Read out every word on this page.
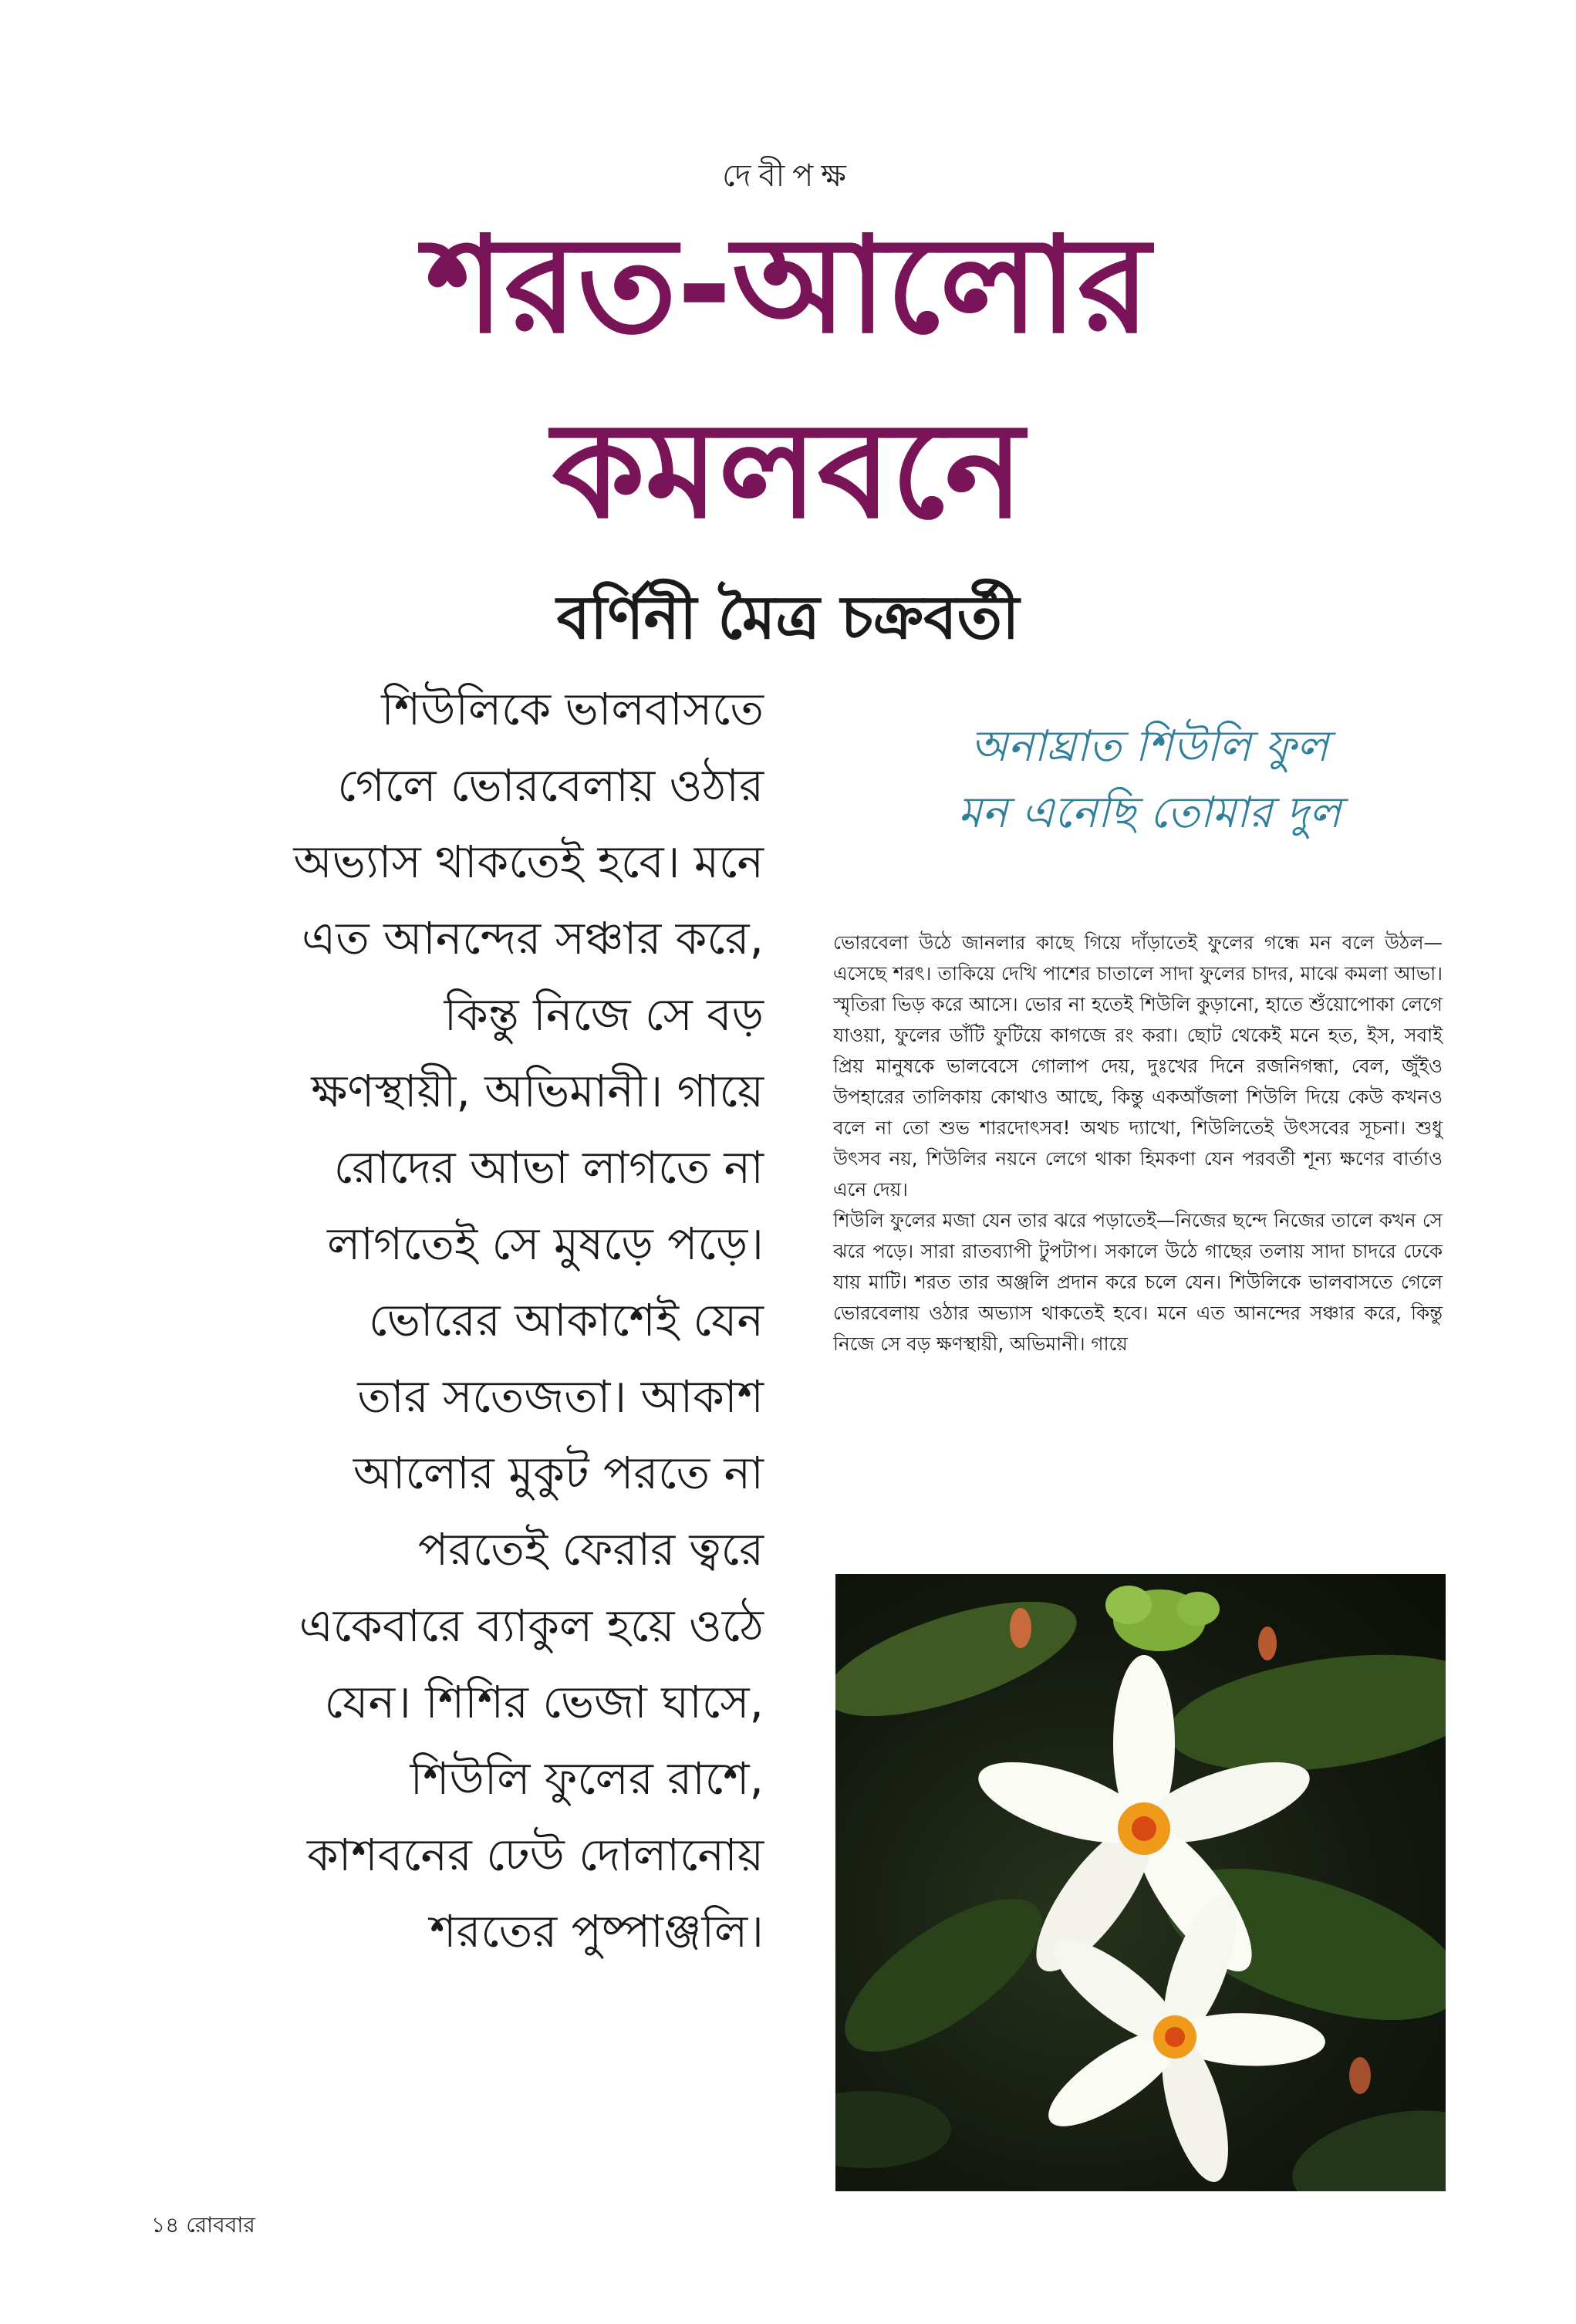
দেবীপক্ষ
শরত-আলোর
কমলবনে
বর্ণিনী মৈত্র চক্রবর্তী
শিউলিকে ভালবাসতে
গেলে ভোরবেলায় ওঠার
অভ্যাস থাকতেই হবে। মনে
এত আনন্দের সঞ্চার করে,
কিন্তু নিজে সে বড়
ক্ষণস্থায়ী, অভিমানী। গায়ে
রোদের আভা লাগতে না
লাগতেই সে মুষড়ে পড়ে।
ভোরের আকাশেই যেন
তার সতেজতা। আকাশ
আলোর মুকুট পরতে না
পরতেই ফেরার ত্বরে
একেবারে ব্যাকুল হয়ে ওঠে
যেন। শিশির ভেজা ঘাসে,
শিউলি ফুলের রাশে,
কাশবনের ঢেউ দোলানোয়
শরতের পুষ্পাঞ্জলি।
অনাঘ্রাত শিউলি ফুল
মন এনেছি তোমার দুল

ভোরবেলা উঠে জানলার কাছে গিয়ে দাঁড়াতেই ফুলের গন্ধে মন বলে উঠল—এসেছে শরৎ। তাকিয়ে দেখি পাশের চাতালে সাদা ফুলের চাদর, মাঝে কমলা আভা। স্মৃতিরা ভিড় করে আসে। ভোর না হতেই শিউলি কুড়ানো, হাতে শুঁয়োপোকা লেগে যাওয়া, ফুলের ডাঁটি ফুটিয়ে কাগজে রং করা। ছোট থেকেই মনে হত, ইস, সবাই প্রিয় মানুষকে ভালবেসে গোলাপ দেয়, দুঃখের দিনে রজনিগন্ধা, বেল, জুঁইও উপহারের তালিকায় কোথাও আছে, কিন্তু একআঁজলা শিউলি দিয়ে কেউ কখনও বলে না তো শুভ শারদোৎসব! অথচ দ্যাখো, শিউলিতেই উৎসবের সূচনা। শুধু উৎসব নয়, শিউলির নয়নে লেগে থাকা হিমকণা যেন পরবর্তী শূন্য ক্ষণের বার্তাও এনে দেয়।

শিউলি ফুলের মজা যেন তার ঝরে পড়াতেই—নিজের ছন্দে নিজের তালে কখন সে ঝরে পড়ে। সারা রাতব্যাপী টুপটাপ। সকালে উঠে গাছের তলায় সাদা চাদরে ঢেকে যায় মাটি। শরত তার অঞ্জলি প্রদান করে চলে যেন। শিউলিকে ভালবাসতে গেলে ভোরবেলায় ওঠার অভ্যাস থাকতেই হবে। মনে এত আনন্দের সঞ্চার করে, কিন্তু নিজে সে বড় ক্ষণস্থায়ী, অভিমানী। গায়ে

১৪ রোববার
